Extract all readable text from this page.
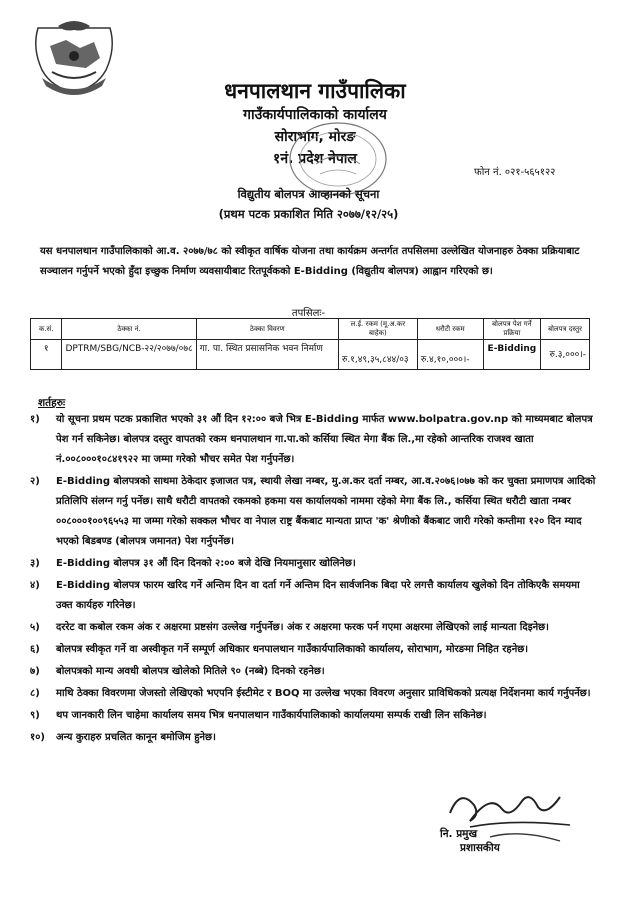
धनपालथान गाउँपालिका
गाउँकार्यपालिकाको कार्यालय
सोराभाग, मोरङ
१नं. प्रदेश नेपाल
फोन नं. ०२१-५६५१२२
विद्युतीय बोलपत्र आव्हानको सूचना
(प्रथम पटक प्रकाशित मिति २०७७/१२/२५)

यस धनपालथान गाउँपालिकाको आ.व. २०७७/७८ को स्वीकृत वार्षिक योजना तथा कार्यक्रम अन्तर्गत तपसिलमा उल्लेखित योजनाहरु ठेक्का प्रक्रियाबाट सञ्चालन गर्नुपर्ने भएको हुँदा इच्छुक निर्माण व्यवसायीबाट रितपूर्वकको E-Bidding (विद्युतीय बोलपत्र) आह्वान गरिएको छ।

तपसिलः-
क.सं.	ठेक्का नं.	ठेक्का विवरण	ल.ई. रकम (मू.अ.कर बाहेक)	धरौटी रकम	बोलपत्र पेश गर्ने प्रक्रिया	बोलपत्र दस्तुर
१	DPTRM/SBG/NCB-२२/२०७७/०७८	गा. पा. स्थित प्रसासनिक भवन निर्माण	रु.१,४९,३५,८४४/०३	रु.४,१०,०००।-	E-Bidding	रु.३,०००।-
शर्तहरुः
१) यो सूचना प्रथम पटक प्रकाशित भएको ३१ औं दिन १२:०० बजे भित्र E-Bidding मार्फत www.bolpatra.gov.np को माध्यमबाट बोलपत्र पेश गर्न सकिनेछ। बोलपत्र दस्तुर वापतको रकम धनपालथान गा.पा.को कर्सिया स्थित मेगा बैंक लि.,मा रहेको आन्तरिक राजश्व खाता नं.००८०००१०८४१९२२ मा जम्मा गरेको भौचर समेत पेश गर्नुपर्नेछ।
२) E-Bidding बोलपत्रको साथमा ठेकेदार इजाजत पत्र, स्थायी लेखा नम्बर, मु.अ.कर दर्ता नम्बर, आ.व.२०७६।०७७ को कर चुक्ता प्रमाणपत्र आदिको प्रतिलिपि संलग्न गर्नु पर्नेछ। साथै धरौटी वापतको रकमको हकमा यस कार्यालयको नाममा रहेको मेगा बैंक लि., कर्सिया स्थित धरौटी खाता नम्बर ००८०००१००९६५५३ मा जम्मा गरेको सक्कल भौचर वा नेपाल राष्ट्र बैंकबाट मान्यता प्राप्त 'क' श्रेणीको बैंकबाट जारी गरेको कम्तीमा १२० दिन म्याद भएको बिडबण्ड (बोलपत्र जमानत) पेश गर्नुपर्नेछ।
३) E-Bidding बोलपत्र ३१ औं दिन दिनको २:०० बजे देखि नियमानुसार खोलिनेछ।
४) E-Bidding बोलपत्र फारम खरिद गर्ने अन्तिम दिन वा दर्ता गर्ने अन्तिम दिन सार्वजनिक बिदा परे लगत्तै कार्यालय खुलेको दिन तोकिएकै समयमा उक्त कार्यहरु गरिनेछ।
५) दररेट वा कबोल रकम अंक र अक्षरमा प्रष्टसंग उल्लेख गर्नुपर्नेछ। अंक र अक्षरमा फरक पर्न गएमा अक्षरमा लेखिएको लाई मान्यता दिइनेछ।
६) बोलपत्र स्वीकृत गर्ने वा अस्वीकृत गर्ने सम्पूर्ण अधिकार धनपालथान गाउँकार्यपालिकाको कार्यालय, सोराभाग, मोरङमा निहित रहनेछ।
७) बोलपत्रको मान्य अवधी बोलपत्र खोलेको मितिले ९० (नब्बे) दिनको रहनेछ।
८) माथि ठेक्का विवरणमा जेजस्तो लेखिएको भएपनि ईस्टीमेट र BOQ मा उल्लेख भएका विवरण अनुसार प्राविधिकको प्रत्यक्ष निर्देशनमा कार्य गर्नुपर्नेछ।
९) थप जानकारी लिन चाहेमा कार्यालय समय भित्र धनपालथान गाउँकार्यपालिकाको कार्यालयमा सम्पर्क राखी लिन सकिनेछ।
१०) अन्य कुराहरु प्रचलित कानून बमोजिम हुनेछ।
नि. प्रमुख
प्रशासकीय
